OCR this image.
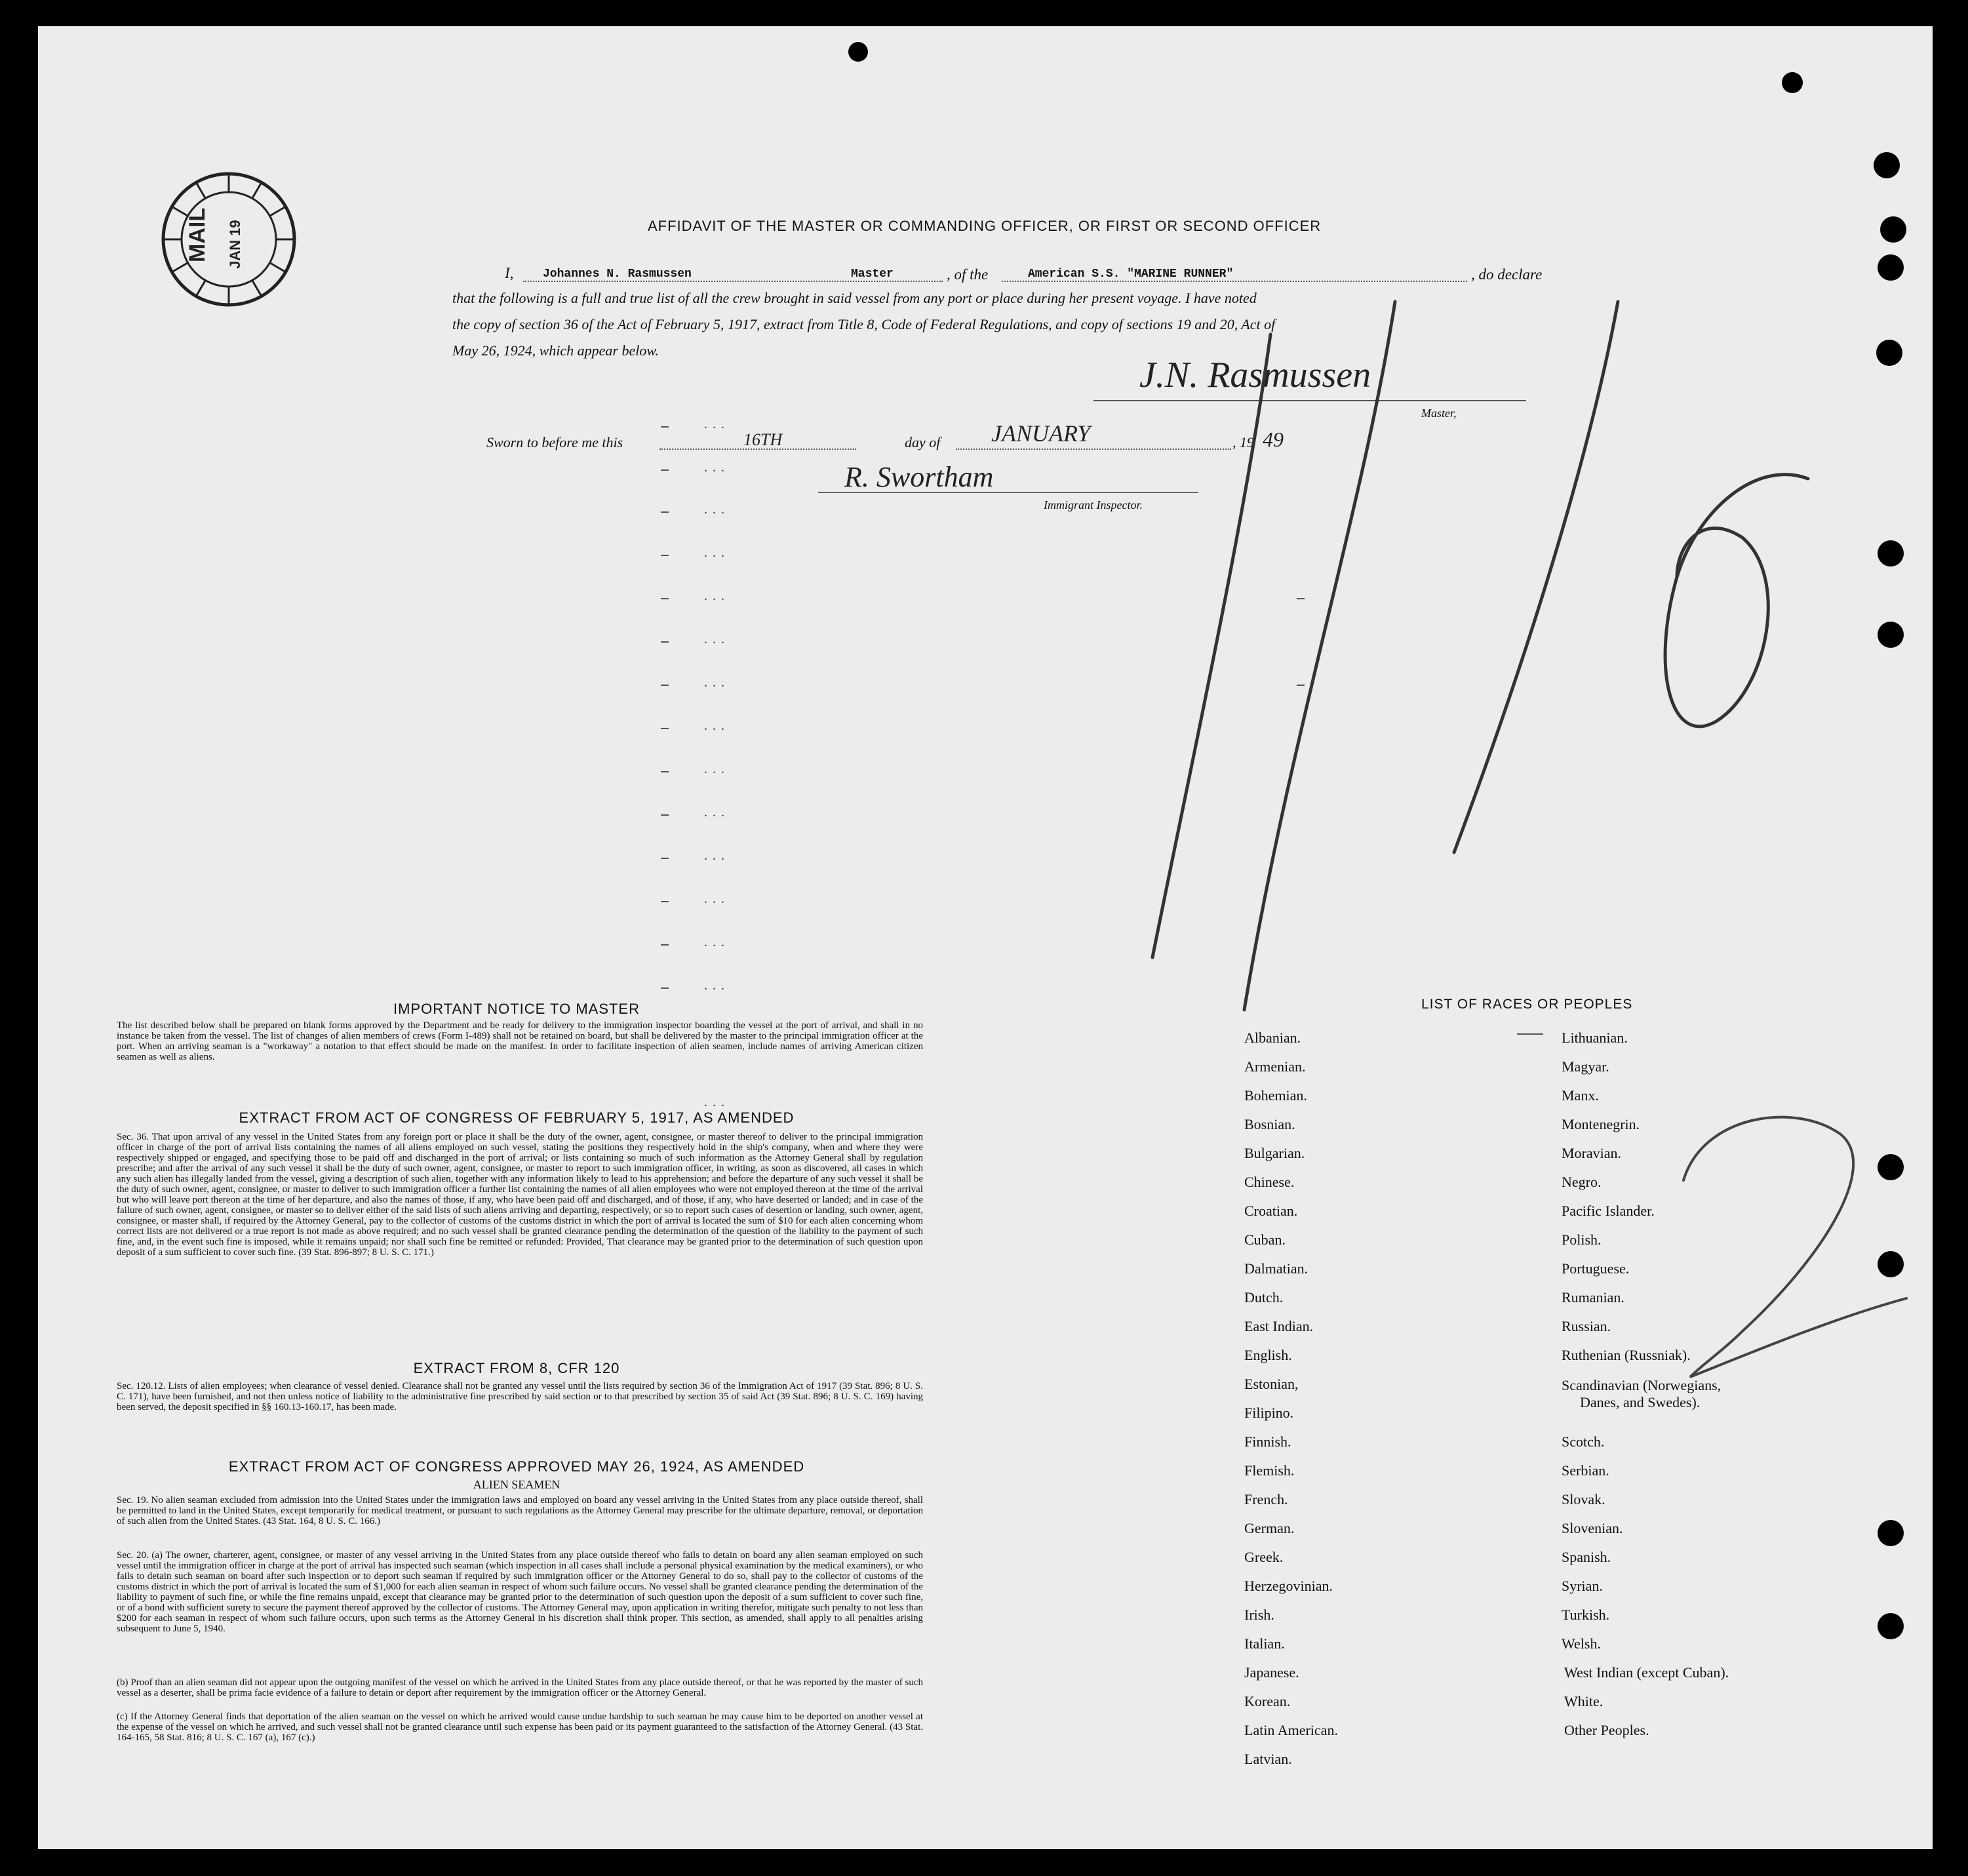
MAIL JAN 19	AFFIDAVIT OF THE MASTER OR COMMANDING OFFICER, OR FIRST OR SECOND OFFICER
I, Johannes N. Rasmussen	Master	, of the	American S.S. "MARINE RUNNER"	, do declare
that the following is a full and true list of all the crew brought in said vessel from any port or place during her present voyage. I have noted
the copy of section 36 of the Act of February 5, 1917, extract from Title 8, Code of Federal Regulations, and copy of sections 19 and 20, Act of
May 26, 1924, which appear below.
J.N. Rasmussen
Master,
Sworn to before me this	16TH	day of JANUARY	, 19 49
R. Swortham
Immigrant Inspector.
...
...
...
...
...
...
...
...
...
...
...
...
...
...
...
1716
2
IMPORTANT NOTICE TO MASTER
The list described below shall be prepared on blank forms approved by the Department and be ready for delivery to the immigration inspector boarding the vessel at the port of arrival, and shall in no instance be taken from the vessel. The list of changes of alien members of crews (Form I-489) shall not be retained on board, but shall be delivered by the master to the principal immigration officer at the port. When an arriving seaman is a "workaway" a notation to that effect should be made on the manifest. In order to facilitate inspection of alien seamen, include names of arriving American citizen seamen as well as aliens.
EXTRACT FROM ACT OF CONGRESS OF FEBRUARY 5, 1917, AS AMENDED
Sec. 36. That upon arrival of any vessel in the United States from any foreign port or place it shall be the duty of the owner, agent, consignee, or master thereof to deliver to the principal immigration officer in charge of the port of arrival lists containing the names of all aliens employed on such vessel, stating the positions they respectively hold in the ship's company, when and where they were respectively shipped or engaged, and specifying those to be paid off and discharged in the port of arrival; or lists containing so much of such information as the Attorney General shall by regulation prescribe; and after the arrival of any such vessel it shall be the duty of such owner, agent, consignee, or master to report to such immigration officer, in writing, as soon as discovered, all cases in which any such alien has illegally landed from the vessel, giving a description of such alien, together with any information likely to lead to his apprehension; and before the departure of any such vessel it shall be the duty of such owner, agent, consignee, or master to deliver to such immigration officer a further list containing the names of all alien employees who were not employed thereon at the time of the arrival but who will leave port thereon at the time of her departure, and also the names of those, if any, who have been paid off and discharged, and of those, if any, who have deserted or landed; and in case of the failure of such owner, agent, consignee, or master so to deliver either of the said lists of such aliens arriving and departing, respectively, or so to report such cases of desertion or landing, such owner, agent, consignee, or master shall, if required by the Attorney General, pay to the collector of customs of the customs district in which the port of arrival is located the sum of $10 for each alien concerning whom correct lists are not delivered or a true report is not made as above required; and no such vessel shall be granted clearance pending the determination of the question of the liability to the payment of such fine, and, in the event such fine is imposed, while it remains unpaid; nor shall such fine be remitted or refunded: Provided, That clearance may be granted prior to the determination of such question upon deposit of a sum sufficient to cover such fine. (39 Stat. 896-897; 8 U. S. C. 171.)
EXTRACT FROM 8, CFR 120
Sec. 120.12. Lists of alien employees; when clearance of vessel denied. Clearance shall not be granted any vessel until the lists required by section 36 of the Immigration Act of 1917 (39 Stat. 896; 8 U. S. C. 171), have been furnished, and not then unless notice of liability to the administrative fine prescribed by said section or to that prescribed by section 35 of said Act (39 Stat. 896; 8 U. S. C. 169) having been served, the deposit specified in §§ 160.13-160.17, has been made.
EXTRACT FROM ACT OF CONGRESS APPROVED MAY 26, 1924, AS AMENDED
ALIEN SEAMEN
Sec. 19. No alien seaman excluded from admission into the United States under the immigration laws and employed on board any vessel arriving in the United States from any place outside thereof, shall be permitted to land in the United States, except temporarily for medical treatment, or pursuant to such regulations as the Attorney General may prescribe for the ultimate departure, removal, or deportation of such alien from the United States. (43 Stat. 164, 8 U. S. C. 166.)
Sec. 20. (a) The owner, charterer, agent, consignee, or master of any vessel arriving in the United States from any place outside thereof who fails to detain on board any alien seaman employed on such vessel until the immigration officer in charge at the port of arrival has inspected such seaman (which inspection in all cases shall include a personal physical examination by the medical examiners), or who fails to detain such seaman on board after such inspection or to deport such seaman if required by such immigration officer or the Attorney General to do so, shall pay to the collector of customs of the customs district in which the port of arrival is located the sum of $1,000 for each alien seaman in respect of whom such failure occurs. No vessel shall be granted clearance pending the determination of the liability to payment of such fine, or while the fine remains unpaid, except that clearance may be granted prior to the determination of such question upon the deposit of a sum sufficient to cover such fine, or of a bond with sufficient surety to secure the payment thereof approved by the collector of customs. The Attorney General may, upon application in writing therefor, mitigate such penalty to not less than $200 for each seaman in respect of whom such failure occurs, upon such terms as the Attorney General in his discretion shall think proper. This section, as amended, shall apply to all penalties arising subsequent to June 5, 1940.
(b) Proof than an alien seaman did not appear upon the outgoing manifest of the vessel on which he arrived in the United States from any place outside thereof, or that he was reported by the master of such vessel as a deserter, shall be prima facie evidence of a failure to detain or deport after requirement by the immigration officer or the Attorney General.
(c) If the Attorney General finds that deportation of the alien seaman on the vessel on which he arrived would cause undue hardship to such seaman he may cause him to be deported on another vessel at the expense of the vessel on which he arrived, and such vessel shall not be granted clearance until such expense has been paid or its payment guaranteed to the satisfaction of the Attorney General. (43 Stat. 164-165, 58 Stat. 816; 8 U. S. C. 167 (a), 167 (c).)
LIST OF RACES OR PEOPLES
Albanian.
Armenian.
Bohemian.
Bosnian.
Bulgarian.
Chinese.
Croatian.
Cuban.
Dalmatian.
Dutch.
East Indian.
English.
Estonian,
Filipino.
Finnish.
Flemish.
French.
German.
Greek.
Herzegovinian.
Irish.
Italian.
Japanese.
Korean.
Latin American.
Latvian.
Lithuanian.
Magyar.
Manx.
Montenegrin.
Moravian.
Negro.
Pacific Islander.
Polish.
Portuguese.
Rumanian.
Russian.
Ruthenian (Russniak).
Scandinavian (Norwegians,
Danes, and Swedes).
Scotch.
Serbian.
Slovak.
Slovenian.
Spanish.
Syrian.
Turkish.
Welsh.
West Indian (except Cuban).
White.
Other Peoples.
